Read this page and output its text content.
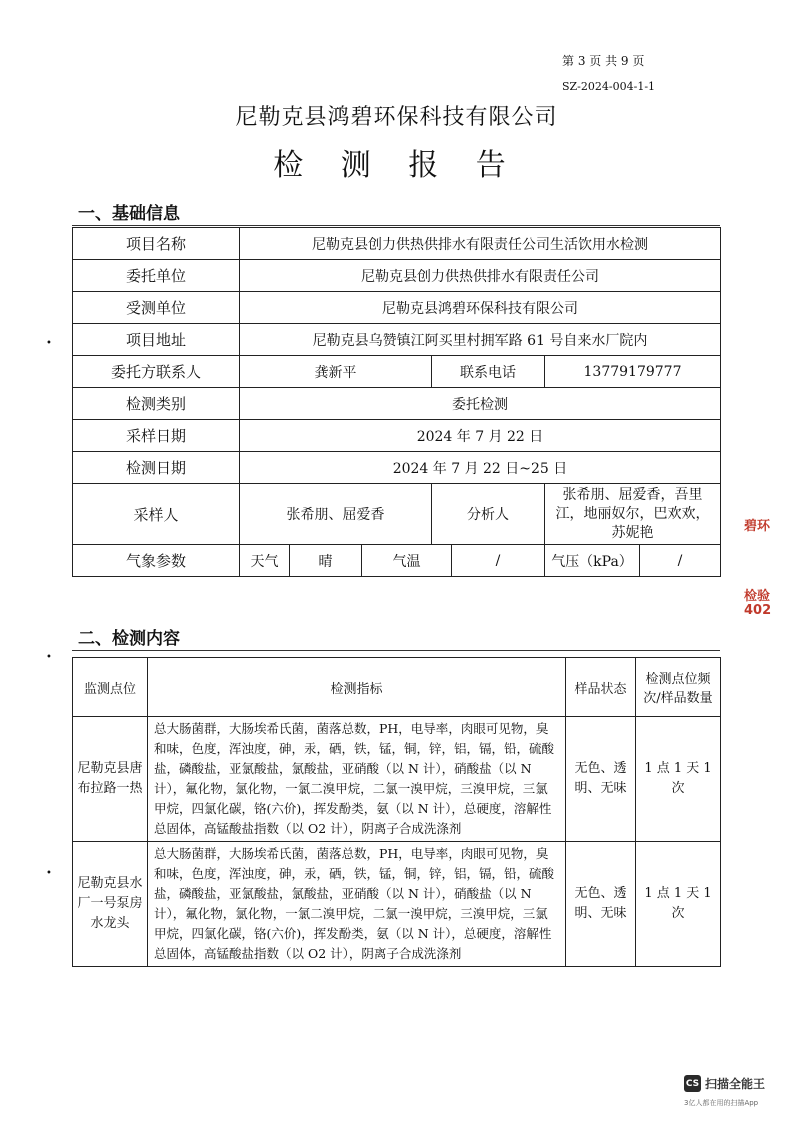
第 3 页 共 9 页
SZ-2024-004-1-1
尼勒克县鸿碧环保科技有限公司
检 测 报 告
一、基础信息
项目名称	尼勒克县创力供热供排水有限责任公司生活饮用水检测						
委托单位	尼勒克县创力供热供排水有限责任公司						
受测单位	尼勒克县鸿碧环保科技有限公司						
项目地址	尼勒克县乌赞镇江阿买里村拥军路 61 号自来水厂院内						
委托方联系人	龚新平			联系电话		13779179777	
检测类别	委托检测						
采样日期	2024 年 7 月 22 日						
检测日期	2024 年 7 月 22 日~25 日						
采样人	张希朋、屈爱香			分析人		张希朋、屈爱香，吾里江，地丽奴尔，巴欢欢，苏妮艳	
气象参数	天气	晴	气温		/	气压（kPa）	/
二、检测内容
监测点位	检测指标	样品状态	检测点位频次/样品数量
尼勒克县唐布拉路一热	总大肠菌群，大肠埃希氏菌，菌落总数，PH，电导率，肉眼可见物，臭和味，色度，浑浊度，砷，汞，硒，铁，锰，铜，锌，铝，镉，铅，硫酸盐，磷酸盐，亚氯酸盐，氯酸盐，亚硝酸（以 N 计），硝酸盐（以 N 计），氟化物，氯化物，一氯二溴甲烷，二氯一溴甲烷，三溴甲烷，三氯甲烷，四氯化碳，铬(六价)，挥发酚类，氨（以 N 计），总硬度，溶解性总固体，高锰酸盐指数（以 O2 计），阴离子合成洗涤剂	无色、透明、无味	1 点 1 天 1 次
尼勒克县水厂一号泵房水龙头	总大肠菌群，大肠埃希氏菌，菌落总数，PH，电导率，肉眼可见物，臭和味，色度，浑浊度，砷，汞，硒，铁，锰，铜，锌，铝，镉，铅，硫酸盐，磷酸盐，亚氯酸盐，氯酸盐，亚硝酸（以 N 计），硝酸盐（以 N 计），氟化物，氯化物，一氯二溴甲烷，二氯一溴甲烷，三溴甲烷，三氯甲烷，四氯化碳，铬(六价)，挥发酚类，氨（以 N 计），总硬度，溶解性总固体，高锰酸盐指数（以 O2 计），阴离子合成洗涤剂	无色、透明、无味	1 点 1 天 1 次
碧环
检验
402
•
•
•
CS 扫描全能王
3亿人都在用的扫描App
